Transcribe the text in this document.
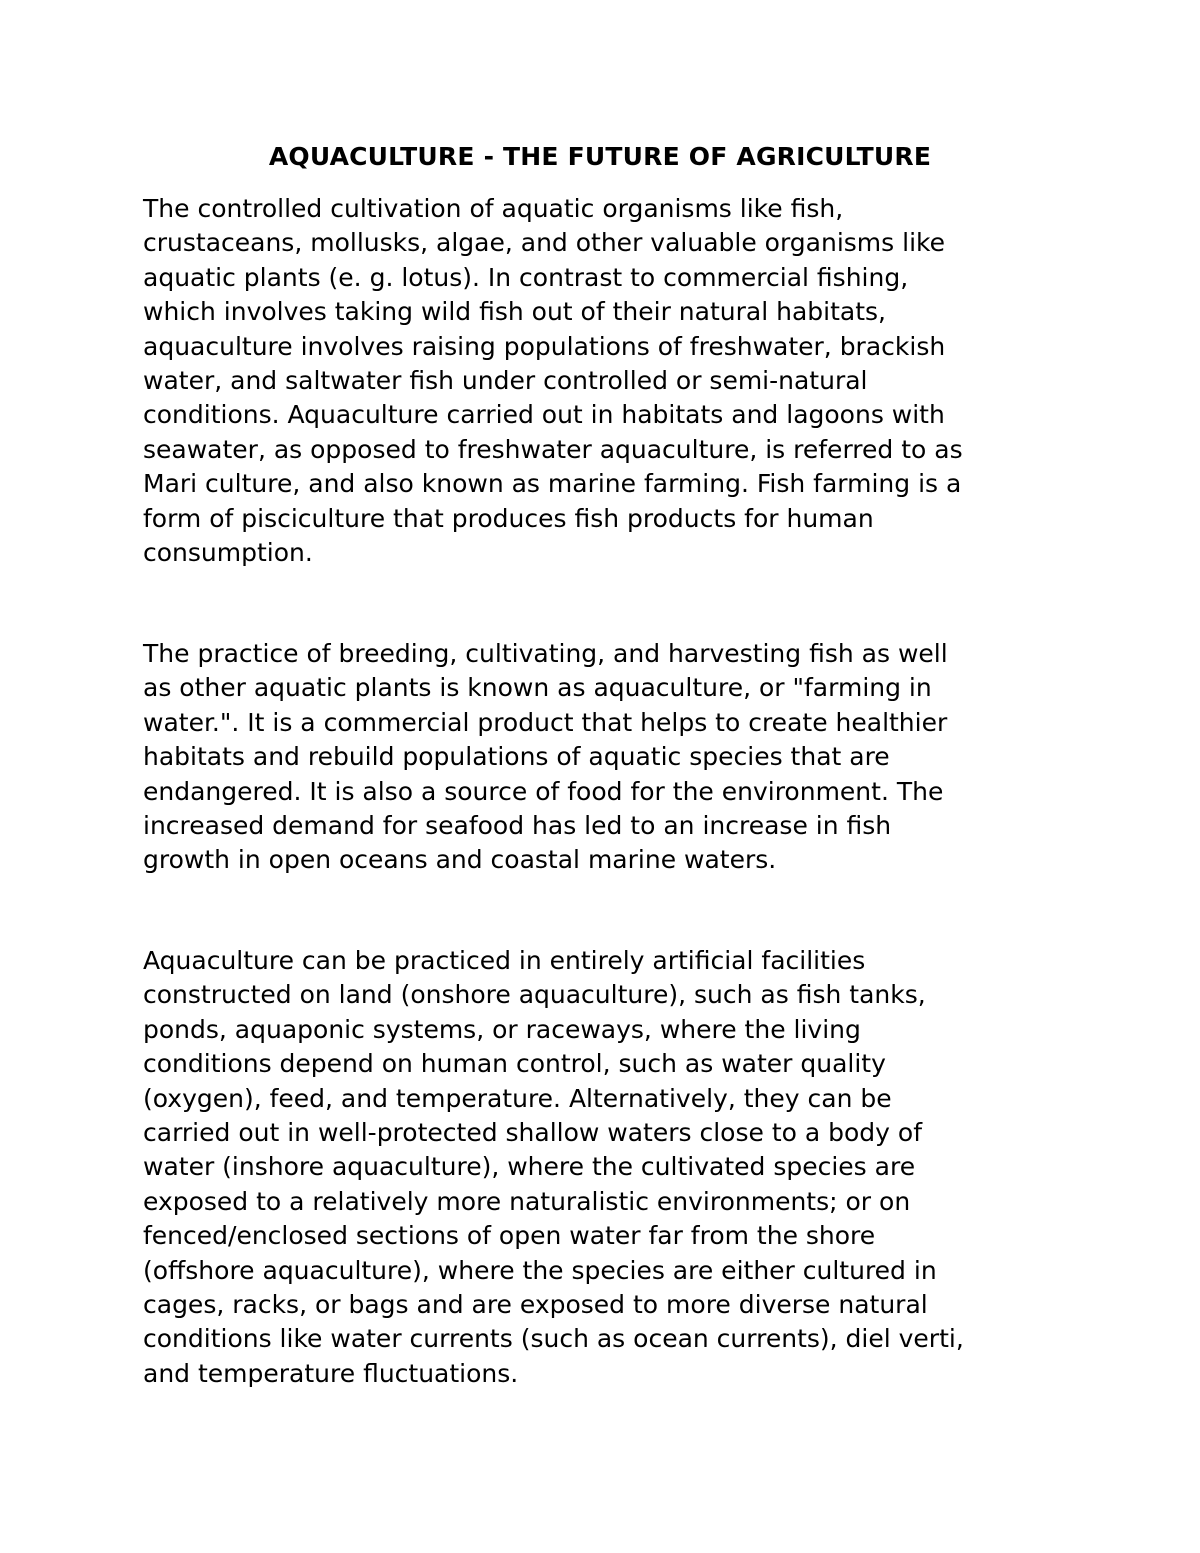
AQUACULTURE - THE FUTURE OF AGRICULTURE

The controlled cultivation of aquatic organisms like fish,
crustaceans, mollusks, algae, and other valuable organisms like
aquatic plants (e. g. lotus). In contrast to commercial fishing,
which involves taking wild fish out of their natural habitats,
aquaculture involves raising populations of freshwater, brackish
water, and saltwater fish under controlled or semi-natural
conditions. Aquaculture carried out in habitats and lagoons with
seawater, as opposed to freshwater aquaculture, is referred to as
Mari culture, and also known as marine farming. Fish farming is a
form of pisciculture that produces fish products for human
consumption.

The practice of breeding, cultivating, and harvesting fish as well
as other aquatic plants is known as aquaculture, or "farming in
water.". It is a commercial product that helps to create healthier
habitats and rebuild populations of aquatic species that are
endangered. It is also a source of food for the environment. The
increased demand for seafood has led to an increase in fish
growth in open oceans and coastal marine waters.

Aquaculture can be practiced in entirely artificial facilities
constructed on land (onshore aquaculture), such as fish tanks,
ponds, aquaponic systems, or raceways, where the living
conditions depend on human control, such as water quality
(oxygen), feed, and temperature. Alternatively, they can be
carried out in well-protected shallow waters close to a body of
water (inshore aquaculture), where the cultivated species are
exposed to a relatively more naturalistic environments; or on
fenced/enclosed sections of open water far from the shore
(offshore aquaculture), where the species are either cultured in
cages, racks, or bags and are exposed to more diverse natural
conditions like water currents (such as ocean currents), diel verti,
and temperature fluctuations.
